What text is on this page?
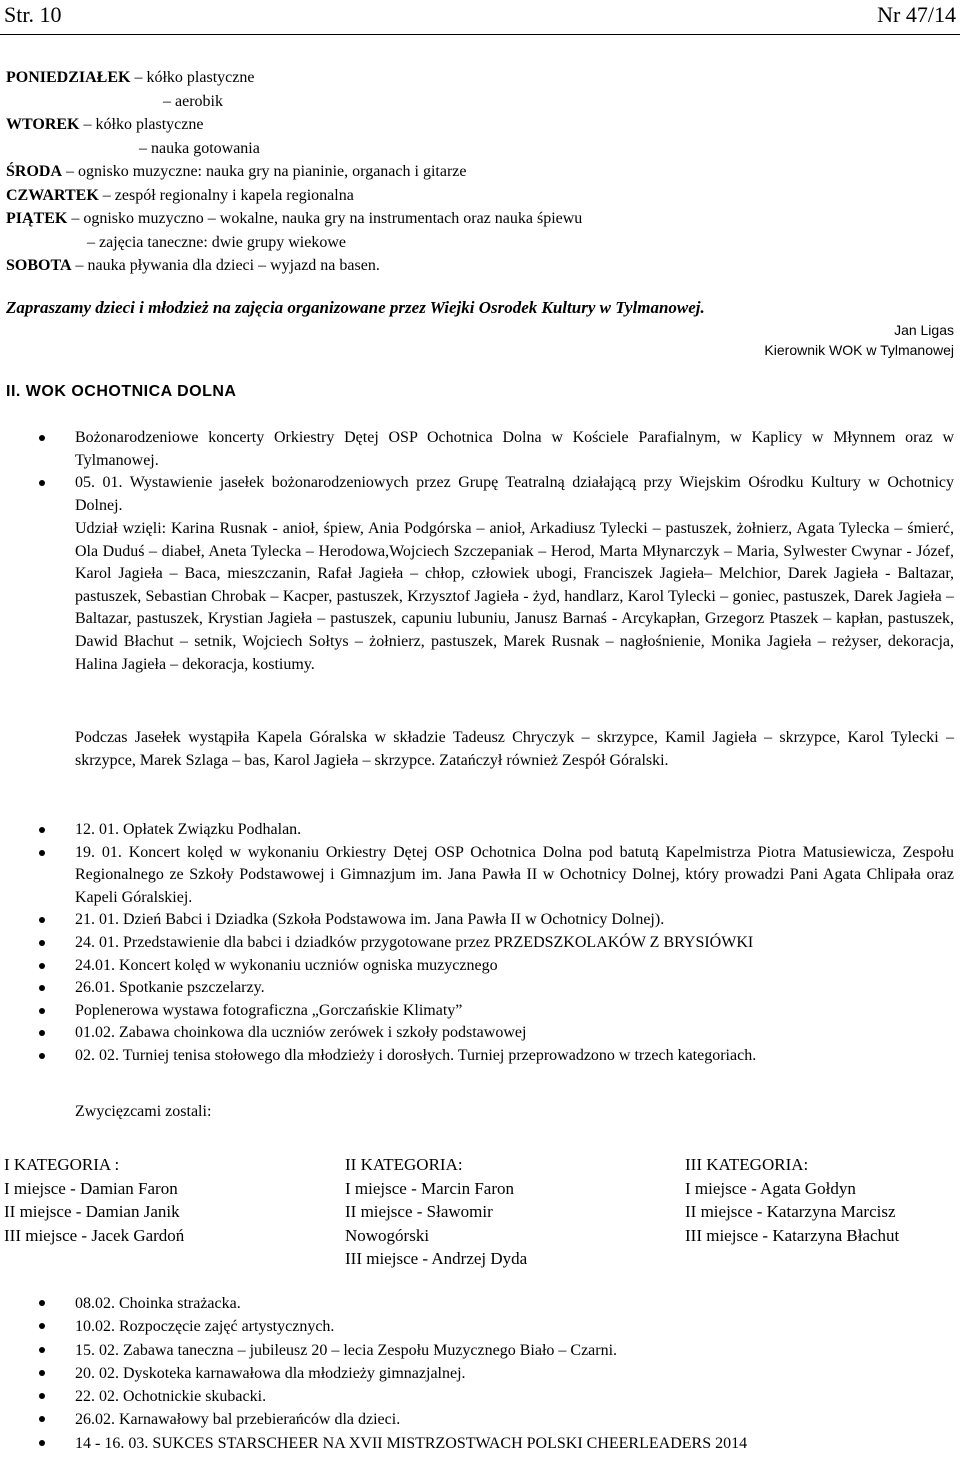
Str. 10	Nr 47/14
PONIEDZIAŁEK – kółko plastyczne
– aerobik
WTOREK – kółko plastyczne
– nauka gotowania
ŚRODA – ognisko muzyczne: nauka gry na pianinie, organach i gitarze
CZWARTEK – zespół regionalny i kapela regionalna
PIĄTEK – ognisko muzyczno – wokalne, nauka gry na instrumentach oraz nauka śpiewu
– zajęcia taneczne: dwie grupy wiekowe
SOBOTA – nauka pływania dla dzieci – wyjazd na basen.
Zapraszamy dzieci i młodzież na zajęcia organizowane przez Wiejki Osrodek Kultury w Tylmanowej.
Jan Ligas
Kierownik WOK w Tylmanowej
II. WOK OCHOTNICA DOLNA
Bożonarodzeniowe koncerty Orkiestry Dętej OSP Ochotnica Dolna w Kościele Parafialnym, w Kaplicy w Młynnem oraz w Tylmanowej.
05. 01. Wystawienie jasełek bożonarodzeniowych przez Grupę Teatralną działającą przy Wiejskim Ośrodku Kultury w Ochotnicy Dolnej.
Udział wzięli: Karina Rusnak - anioł, śpiew, Ania Podgórska – anioł, Arkadiusz Tylecki – pastuszek, żołnierz, Agata Tylecka – śmierć, Ola Duduś – diabeł, Aneta Tylecka – Herodowa,Wojciech Szczepaniak – Herod, Marta Młynarczyk – Maria, Sylwester Cwynar - Józef, Karol Jagieła – Baca, mieszczanin, Rafał Jagieła – chłop, człowiek ubogi, Franciszek Jagieła– Melchior, Darek Jagieła - Baltazar, pastuszek, Sebastian Chrobak – Kacper, pastuszek, Krzysztof Jagieła - żyd, handlarz, Karol Tylecki – goniec, pastuszek, Darek Jagieła – Baltazar, pastuszek, Krystian Jagieła – pastuszek, capuniu lubuniu, Janusz Barnaś - Arcykapłan, Grzegorz Ptaszek – kapłan, pastuszek, Dawid Błachut – setnik, Wojciech Sołtys – żołnierz, pastuszek, Marek Rusnak – nagłośnienie, Monika Jagieła – reżyser, dekoracja, Halina Jagieła – dekoracja, kostiumy.
Podczas Jasełek wystąpiła Kapela Góralska w składzie Tadeusz Chryczyk – skrzypce, Kamil Jagieła – skrzypce, Karol Tylecki – skrzypce, Marek Szlaga – bas, Karol Jagieła – skrzypce. Zatańczył również Zespół Góralski.
12. 01. Opłatek Związku Podhalan.
19. 01. Koncert kolęd w wykonaniu Orkiestry Dętej OSP Ochotnica Dolna pod batutą Kapelmistrza Piotra Matusiewicza, Zespołu Regionalnego ze Szkoły Podstawowej i Gimnazjum im. Jana Pawła II w Ochotnicy Dolnej, który prowadzi Pani Agata Chlipała oraz Kapeli Góralskiej.
21. 01. Dzień Babci i Dziadka (Szkoła Podstawowa im. Jana Pawła II w Ochotnicy Dolnej).
24. 01. Przedstawienie dla babci i dziadków przygotowane przez PRZEDSZKOLAKÓW Z BRYSIÓWKI
24.01. Koncert kolęd w wykonaniu uczniów ogniska muzycznego
26.01. Spotkanie pszczelarzy.
Poplenerowa wystawa fotograficzna „Gorczańskie Klimaty”
01.02. Zabawa choinkowa dla uczniów zerówek i szkoły podstawowej
02. 02. Turniej tenisa stołowego dla młodzieży i dorosłych. Turniej przeprowadzono w trzech kategoriach.
Zwycięzcami zostali:
I KATEGORIA :
I miejsce - Damian Faron
II miejsce - Damian Janik
III miejsce - Jacek Gardoń
II KATEGORIA:
I miejsce - Marcin Faron
II miejsce - Sławomir
Nowogórski
III miejsce - Andrzej Dyda
III KATEGORIA:
I miejsce - Agata Gołdyn
II miejsce - Katarzyna Marcisz
III miejsce - Katarzyna Błachut
08.02. Choinka strażacka.
10.02. Rozpoczęcie zajęć artystycznych.
15. 02. Zabawa taneczna – jubileusz 20 – lecia Zespołu Muzycznego Biało – Czarni.
20. 02. Dyskoteka karnawałowa dla młodzieży gimnazjalnej.
22. 02. Ochotnickie skubacki.
26.02. Karnawałowy bal przebierańców dla dzieci.
14 - 16. 03. SUKCES STARSCHEER NA XVII MISTRZOSTWACH POLSKI CHEERLEADERS 2014
